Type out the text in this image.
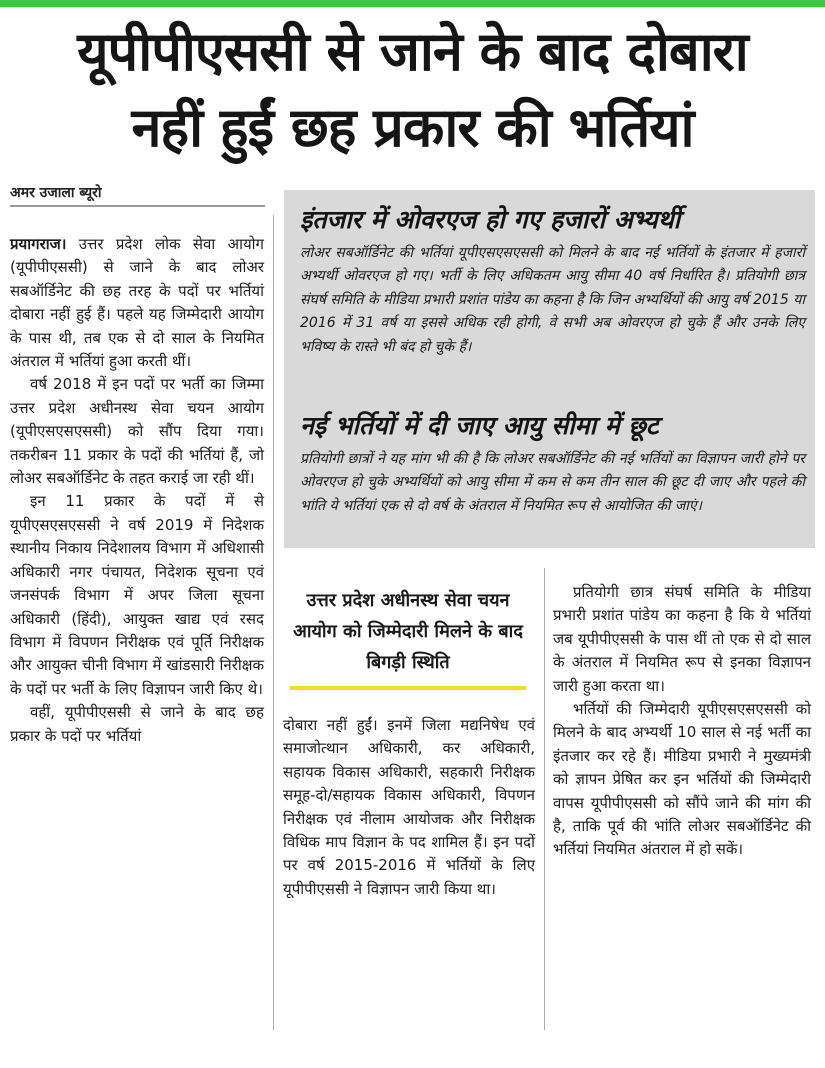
यूपीपीएससी से जाने के बाद दोबारा
नहीं हुईं छह प्रकार की भर्तियां
अमर उजाला ब्यूरो

प्रयागराज। उत्तर प्रदेश लोक सेवा आयोग (यूपीपीएससी) से जाने के बाद लोअर सबऑर्डिनेट की छह तरह के पदों पर भर्तियां दोबारा नहीं हुई हैं। पहले यह जिम्मेदारी आयोग के पास थी, तब एक से दो साल के नियमित अंतराल में भर्तियां हुआ करती थीं।

वर्ष 2018 में इन पदों पर भर्ती का जिम्मा उत्तर प्रदेश अधीनस्थ सेवा चयन आयोग (यूपीएसएसएससी) को सौंप दिया गया। तकरीबन 11 प्रकार के पदों की भर्तियां हैं, जो लोअर सबऑर्डिनेट के तहत कराई जा रही थीं।

इन 11 प्रकार के पदों में से यूपीएसएसएससी ने वर्ष 2019 में निदेशक स्थानीय निकाय निदेशालय विभाग में अधिशासी अधिकारी नगर पंचायत, निदेशक सूचना एवं जनसंपर्क विभाग में अपर जिला सूचना अधिकारी (हिंदी), आयुक्त खाद्य एवं रसद विभाग में विपणन निरीक्षक एवं पूर्ति निरीक्षक और आयुक्त चीनी विभाग में खांडसारी निरीक्षक के पदों पर भर्ती के लिए विज्ञापन जारी किए थे।

वहीं, यूपीपीएससी से जाने के बाद छह प्रकार के पदों पर भर्तियां

इंतजार में ओवरएज हो गए हजारों अभ्यर्थी
लोअर सबऑर्डिनेट की भर्तियां यूपीएसएसएससी को मिलने के बाद नई भर्तियों के इंतजार में हजारों अभ्यर्थी ओवरएज हो गए। भर्ती के लिए अधिकतम आयु सीमा 40 वर्ष निर्धारित है। प्रतियोगी छात्र संघर्ष समिति के मीडिया प्रभारी प्रशांत पांडेय का कहना है कि जिन अभ्यर्थियों की आयु वर्ष 2015 या 2016 में 31 वर्ष या इससे अधिक रही होगी, वे सभी अब ओवरएज हो चुके हैं और उनके लिए भविष्य के रास्ते भी बंद हो चुके हैं।
नई भर्तियों में दी जाए आयु सीमा में छूट
प्रतियोगी छात्रों ने यह मांग भी की है कि लोअर सबऑर्डिनेट की नई भर्तियों का विज्ञापन जारी होने पर ओवरएज हो चुके अभ्यर्थियों को आयु सीमा में कम से कम तीन साल की छूट दी जाए और पहले की भांति ये भर्तियां एक से दो वर्ष के अंतराल में नियमित रूप से आयोजित की जाएं।
उत्तर प्रदेश अधीनस्थ सेवा चयन आयोग को जिम्मेदारी मिलने के बाद बिगड़ी स्थिति

दोबारा नहीं हुईं। इनमें जिला मद्यनिषेध एवं समाजोत्थान अधिकारी, कर अधिकारी, सहायक विकास अधिकारी, सहकारी निरीक्षक समूह-दो/सहायक विकास अधिकारी, विपणन निरीक्षक एवं नीलाम आयोजक और निरीक्षक विधिक माप विज्ञान के पद शामिल हैं। इन पदों पर वर्ष 2015-2016 में भर्तियों के लिए यूपीपीएससी ने विज्ञापन जारी किया था।

प्रतियोगी छात्र संघर्ष समिति के मीडिया प्रभारी प्रशांत पांडेय का कहना है कि ये भर्तियां जब यूपीपीएससी के पास थीं तो एक से दो साल के अंतराल में नियमित रूप से इनका विज्ञापन जारी हुआ करता था।

भर्तियों की जिम्मेदारी यूपीएसएसएससी को मिलने के बाद अभ्यर्थी 10 साल से नई भर्ती का इंतजार कर रहे हैं। मीडिया प्रभारी ने मुख्यमंत्री को ज्ञापन प्रेषित कर इन भर्तियों की जिम्मेदारी वापस यूपीपीएससी को सौंपे जाने की मांग की है, ताकि पूर्व की भांति लोअर सबऑर्डिनेट की भर्तियां नियमित अंतराल में हो सकें।
